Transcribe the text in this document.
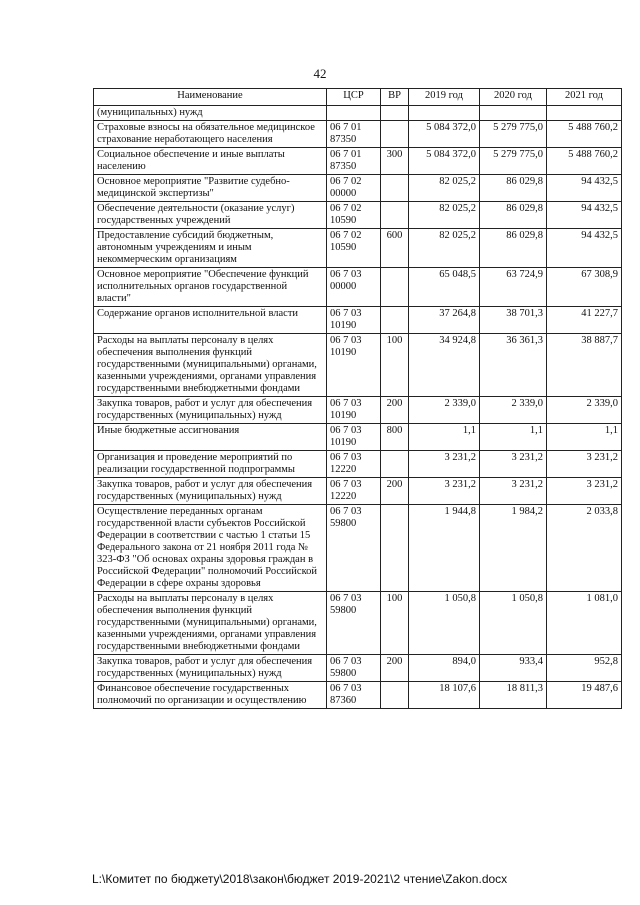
42
Наименование	ЦСР	ВР	2019 год	2020 год	2021 год
(муниципальных) нужд					
Страховые взносы на обязательное медицинское страхование неработающего населения	06 7 01 87350		5 084 372,0	5 279 775,0	5 488 760,2
Социальное обеспечение и иные выплаты населению	06 7 01 87350	300	5 084 372,0	5 279 775,0	5 488 760,2
Основное мероприятие "Развитие судебно-медицинской экспертизы"	06 7 02 00000		82 025,2	86 029,8	94 432,5
Обеспечение деятельности (оказание услуг) государственных учреждений	06 7 02 10590		82 025,2	86 029,8	94 432,5
Предоставление субсидий бюджетным, автономным учреждениям и иным некоммерческим организациям	06 7 02 10590	600	82 025,2	86 029,8	94 432,5
Основное мероприятие "Обеспечение функций исполнительных органов государственной власти"	06 7 03 00000		65 048,5	63 724,9	67 308,9
Содержание органов исполнительной власти	06 7 03 10190		37 264,8	38 701,3	41 227,7
Расходы на выплаты персоналу в целях обеспечения выполнения функций государственными (муниципальными) органами, казенными учреждениями, органами управления государственными внебюджетными фондами	06 7 03 10190	100	34 924,8	36 361,3	38 887,7
Закупка товаров, работ и услуг для обеспечения государственных (муниципальных) нужд	06 7 03 10190	200	2 339,0	2 339,0	2 339,0
Иные бюджетные ассигнования	06 7 03 10190	800	1,1	1,1	1,1
Организация и проведение мероприятий по реализации государственной подпрограммы	06 7 03 12220		3 231,2	3 231,2	3 231,2
Закупка товаров, работ и услуг для обеспечения государственных (муниципальных) нужд	06 7 03 12220	200	3 231,2	3 231,2	3 231,2
Осуществление переданных органам государственной власти субъектов Российской Федерации в соответствии с частью 1 статьи 15 Федерального закона от 21 ноября 2011 года № 323-ФЗ "Об основах охраны здоровья граждан в Российской Федерации" полномочий Российской Федерации в сфере охраны здоровья	06 7 03 59800		1 944,8	1 984,2	2 033,8
Расходы на выплаты персоналу в целях обеспечения выполнения функций государственными (муниципальными) органами, казенными учреждениями, органами управления государственными внебюджетными фондами	06 7 03 59800	100	1 050,8	1 050,8	1 081,0
Закупка товаров, работ и услуг для обеспечения государственных (муниципальных) нужд	06 7 03 59800	200	894,0	933,4	952,8
Финансовое обеспечение государственных полномочий по организации и осуществлению	06 7 03 87360		18 107,6	18 811,3	19 487,6
L:\Комитет по бюджету\2018\закон\бюджет 2019-2021\2 чтение\Zakon.docx
